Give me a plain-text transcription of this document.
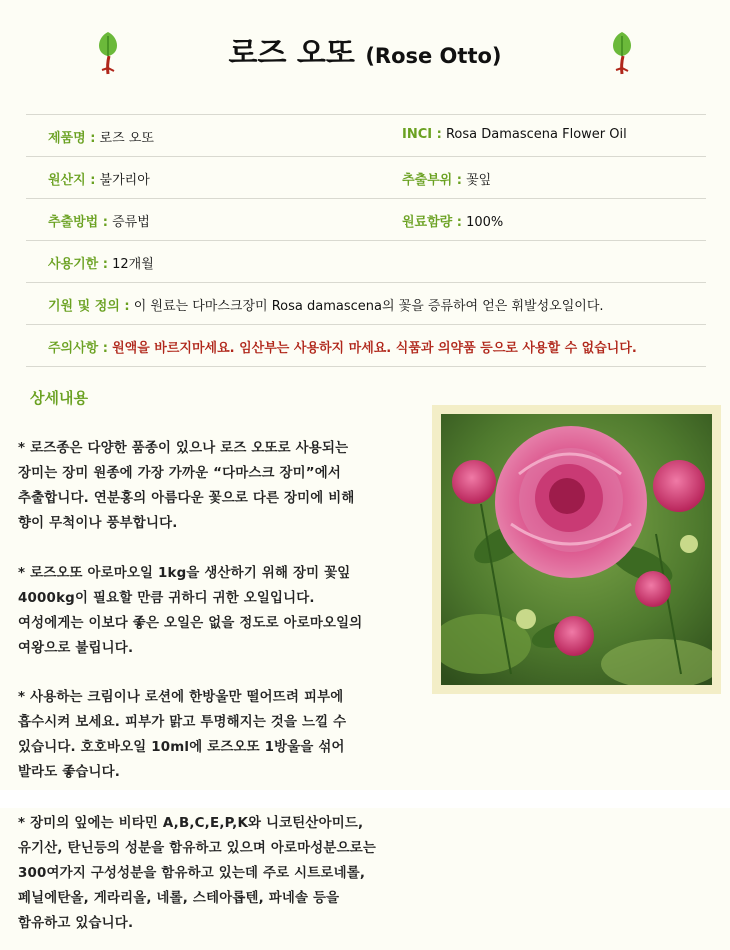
로즈 오또 (Rose Otto)
제품명 : 로즈 오또	INCI : Rosa Damascena Flower Oil
원산지 : 불가리아	추출부위 : 꽃잎
추출방법 : 증류법	원료함량 : 100%
사용기한 : 12개월
기원 및 정의 : 이 원료는 다마스크장미 Rosa damascena의 꽃을 증류하여 얻은 휘발성오일이다.
주의사항 : 원액을 바르지마세요. 임산부는 사용하지 마세요. 식품과 의약품 등으로 사용할 수 없습니다.
상세내용
* 로즈종은 다양한 품종이 있으나 로즈 오또로 사용되는
장미는 장미 원종에 가장 가까운 “다마스크 장미”에서
추출합니다. 연분홍의 아름다운 꽃으로 다른 장미에 비해
향이 무척이나 풍부합니다.
* 로즈오또 아로마오일 1kg을 생산하기 위해 장미 꽃잎
4000kg이 필요할 만큼 귀하디 귀한 오일입니다.
여성에게는 이보다 좋은 오일은 없을 정도로 아로마오일의
여왕으로 불립니다.
* 사용하는 크림이나 로션에 한방울만 떨어뜨려 피부에
흡수시켜 보세요. 피부가 맑고 투명해지는 것을 느낄 수
있습니다. 호호바오일 10ml에 로즈오또 1방울을 섞어
발라도 좋습니다.
* 장미의 잎에는 비타민 A,B,C,E,P,K와 니코틴산아미드,
유기산, 탄닌등의 성분을 함유하고 있으며 아로마성분으로는
300여가지 구성성분을 함유하고 있는데 주로 시트로네롤,
페닐에탄올, 게라리올, 네롤, 스테아롭텐, 파네솔 등을
함유하고 있습니다.
